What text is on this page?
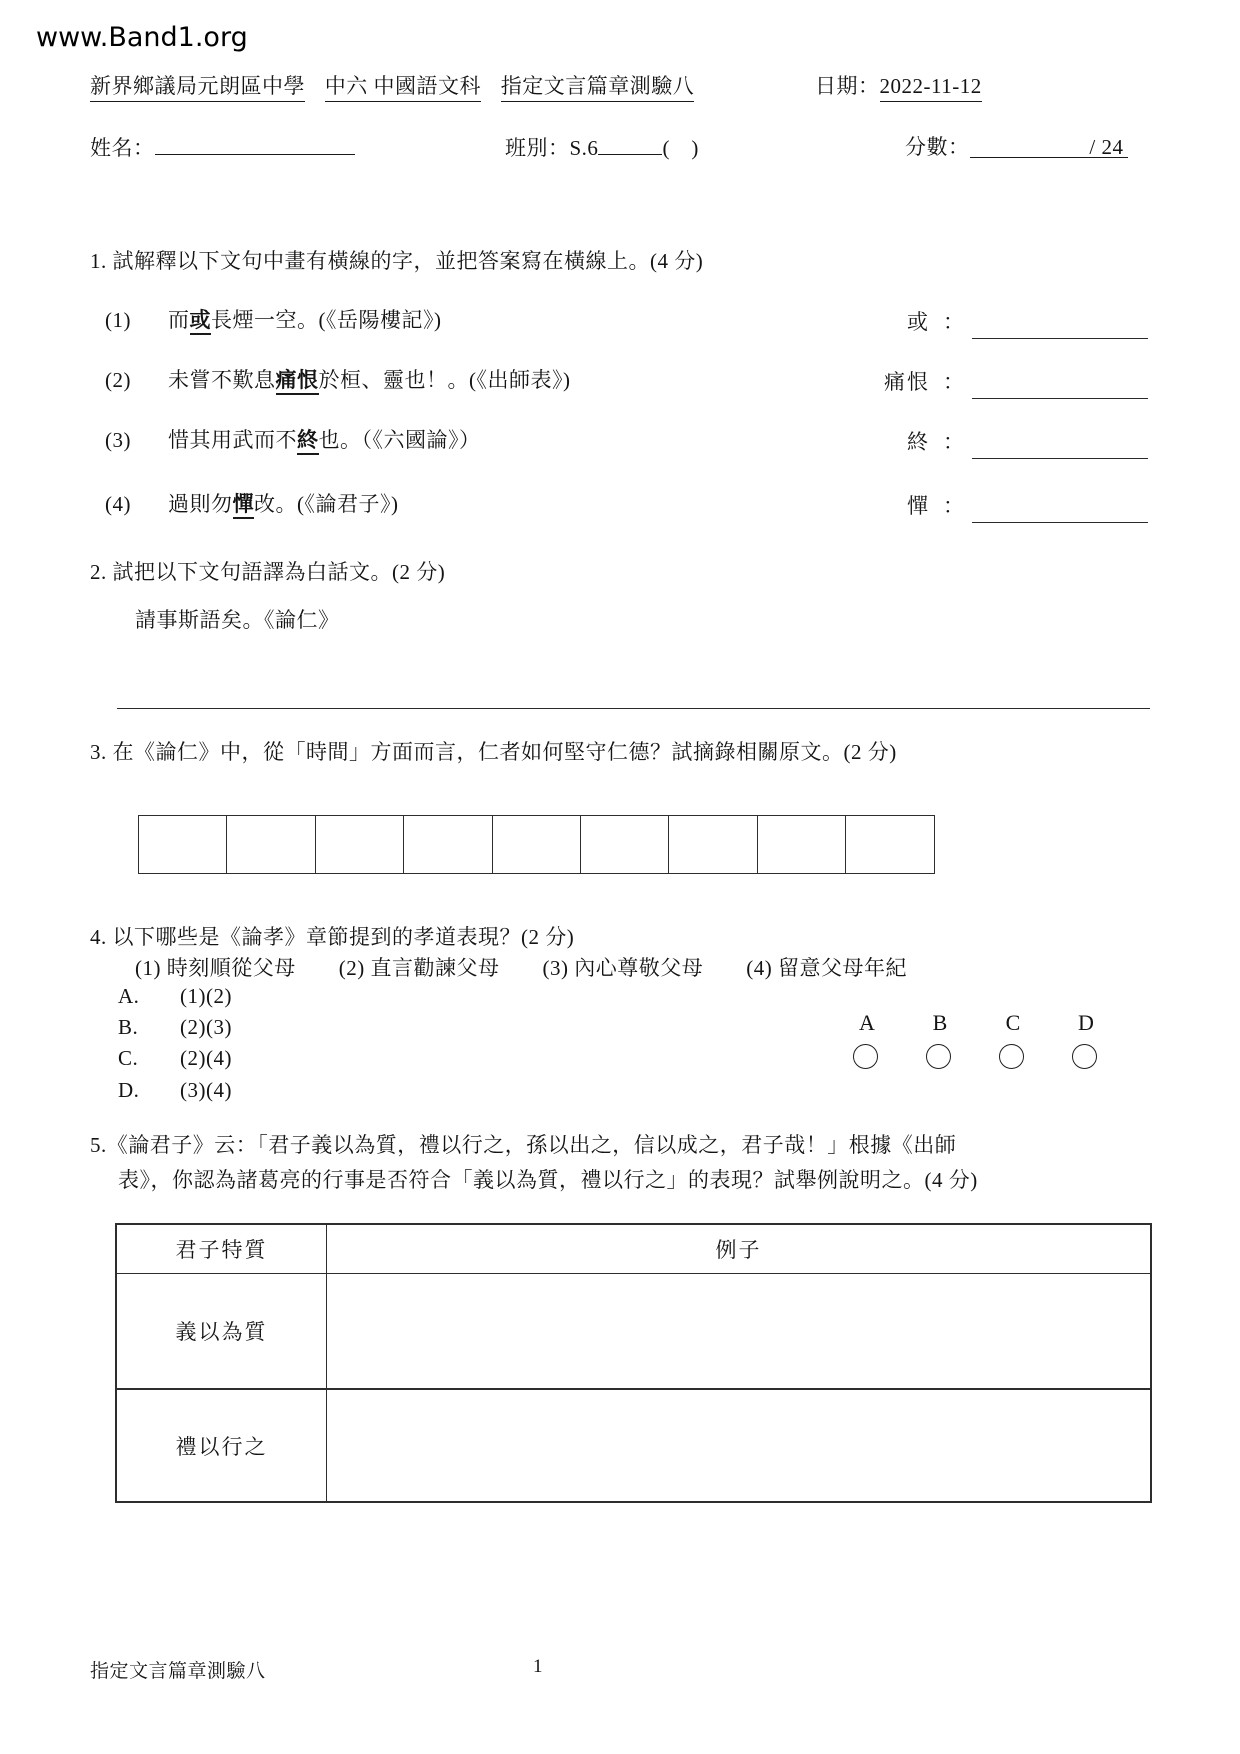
www.Band1.org
新界鄉議局元朗區中學 中六 中國語文科 指定文言篇章測驗八	日期：2022-11-12
姓名：	班別：S.6	(　)	分數：	/ 24
1. 試解釋以下文句中畫有橫線的字，並把答案寫在橫線上。(4 分)
(1) 而或長煙一空。(《岳陽樓記》)	或 ：
(2) 未嘗不歎息痛恨於桓、靈也！。(《出師表》)	痛恨 ：
(3) 惜其用武而不終也。（《六國論》）	終 ：
(4) 過則勿憚改。(《論君子》)	憚 ：
2. 試把以下文句語譯為白話文。(2 分)
請事斯語矣。《論仁》
3. 在《論仁》中，從「時間」方面而言，仁者如何堅守仁德？試摘錄相關原文。(2 分)
4. 以下哪些是《論孝》章節提到的孝道表現？(2 分)
(1) 時刻順從父母　　(2) 直言勸諫父母　　(3) 內心尊敬父母　　(4) 留意父母年紀
A. (1)(2)
B. (2)(3)
C. (2)(4)
D. (3)(4)
A	B	C	D
5.《論君子》云：「君子義以為質，禮以行之，孫以出之，信以成之，君子哉！」根據《出師
表》，你認為諸葛亮的行事是否符合「義以為質，禮以行之」的表現？試舉例說明之。(4 分)
君子特質	例子
義以為質
禮以行之
指定文言篇章測驗八	1
